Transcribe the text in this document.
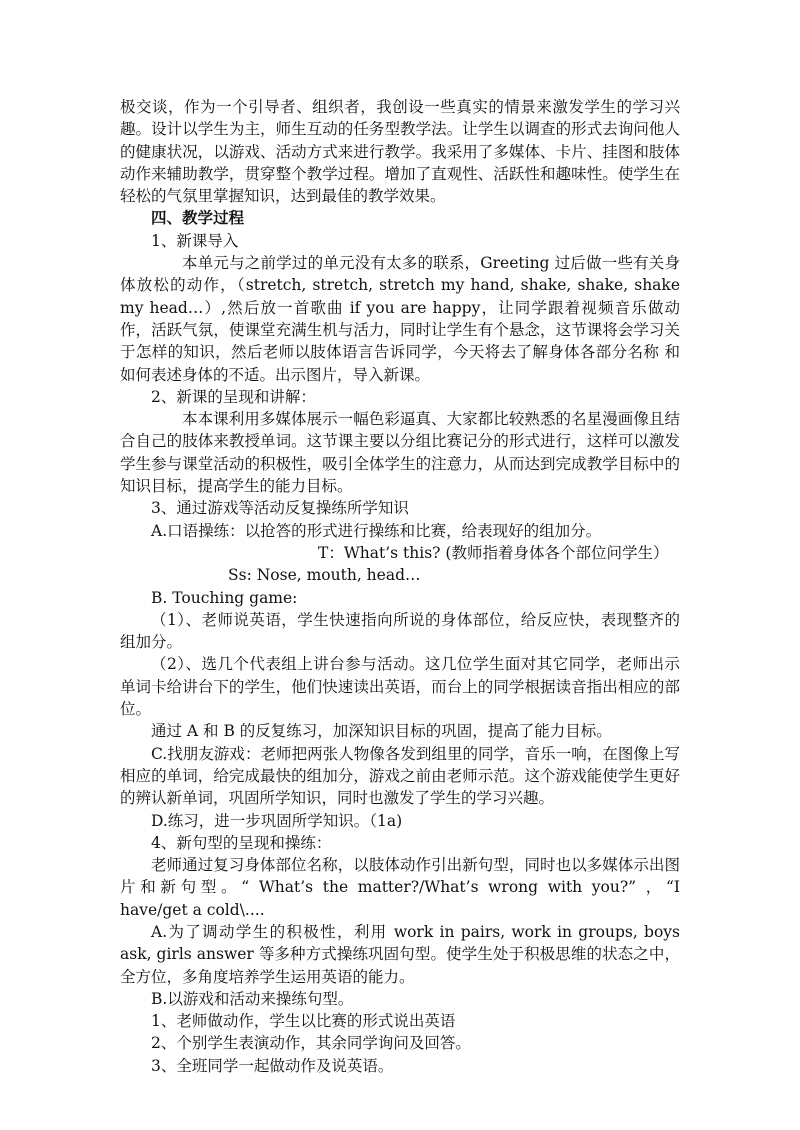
极交谈，作为一个引导者、组织者，我创设一些真实的情景来激发学生的学习兴趣。设计以学生为主，师生互动的任务型教学法。让学生以调查的形式去询问他人的健康状况，以游戏、活动方式来进行教学。我采用了多媒体、卡片、挂图和肢体动作来辅助教学，贯穿整个教学过程。增加了直观性、活跃性和趣味性。使学生在轻松的气氛里掌握知识，达到最佳的教学效果。

四、教学过程

1、新课导入

本单元与之前学过的单元没有太多的联系，Greeting 过后做一些有关身体放松的动作，（stretch, stretch, stretch my hand, shake, shake, shake my head…）,然后放一首歌曲 if you are happy，让同学跟着视频音乐做动作，活跃气氛，使课堂充满生机与活力，同时让学生有个悬念，这节课将会学习关于怎样的知识，然后老师以肢体语言告诉同学，今天将去了解身体各部分名称 和如何表述身体的不适。出示图片，导入新课。

2、新课的呈现和讲解：

本本课利用多媒体展示一幅色彩逼真、大家都比较熟悉的名星漫画像且结合自己的肢体来教授单词。这节课主要以分组比赛记分的形式进行，这样可以激发学生参与课堂活动的积极性，吸引全体学生的注意力，从而达到完成教学目标中的知识目标，提高学生的能力目标。

3、通过游戏等活动反复操练所学知识

A.口语操练：以抢答的形式进行操练和比赛，给表现好的组加分。

T：What’s this? (教师指着身体各个部位问学生）

Ss: Nose, mouth, head…

B. Touching game:

（1）、老师说英语，学生快速指向所说的身体部位，给反应快，表现整齐的组加分。

（2）、选几个代表组上讲台参与活动。这几位学生面对其它同学，老师出示单词卡给讲台下的学生，他们快速读出英语，而台上的同学根据读音指出相应的部位。

通过 A 和 B 的反复练习，加深知识目标的巩固，提高了能力目标。

C.找朋友游戏：老师把两张人物像各发到组里的同学，音乐一响，在图像上写相应的单词，给完成最快的组加分，游戏之前由老师示范。这个游戏能使学生更好的辨认新单词，巩固所学知识，同时也激发了学生的学习兴趣。

D.练习，进一步巩固所学知识。（1a)

4、新句型的呈现和操练：

老师通过复习身体部位名称，以肢体动作引出新句型，同时也以多媒体示出图片和新句型。“ What’s the matter?/What’s wrong with you?” ，“I have/get a cold\....

A.为了调动学生的积极性，利用 work in pairs, work in groups, boys ask, girls answer 等多种方式操练巩固句型。使学生处于积极思维的状态之中，全方位，多角度培养学生运用英语的能力。

B.以游戏和活动来操练句型。

1、老师做动作，学生以比赛的形式说出英语

2、个别学生表演动作，其余同学询问及回答。

3、全班同学一起做动作及说英语。
